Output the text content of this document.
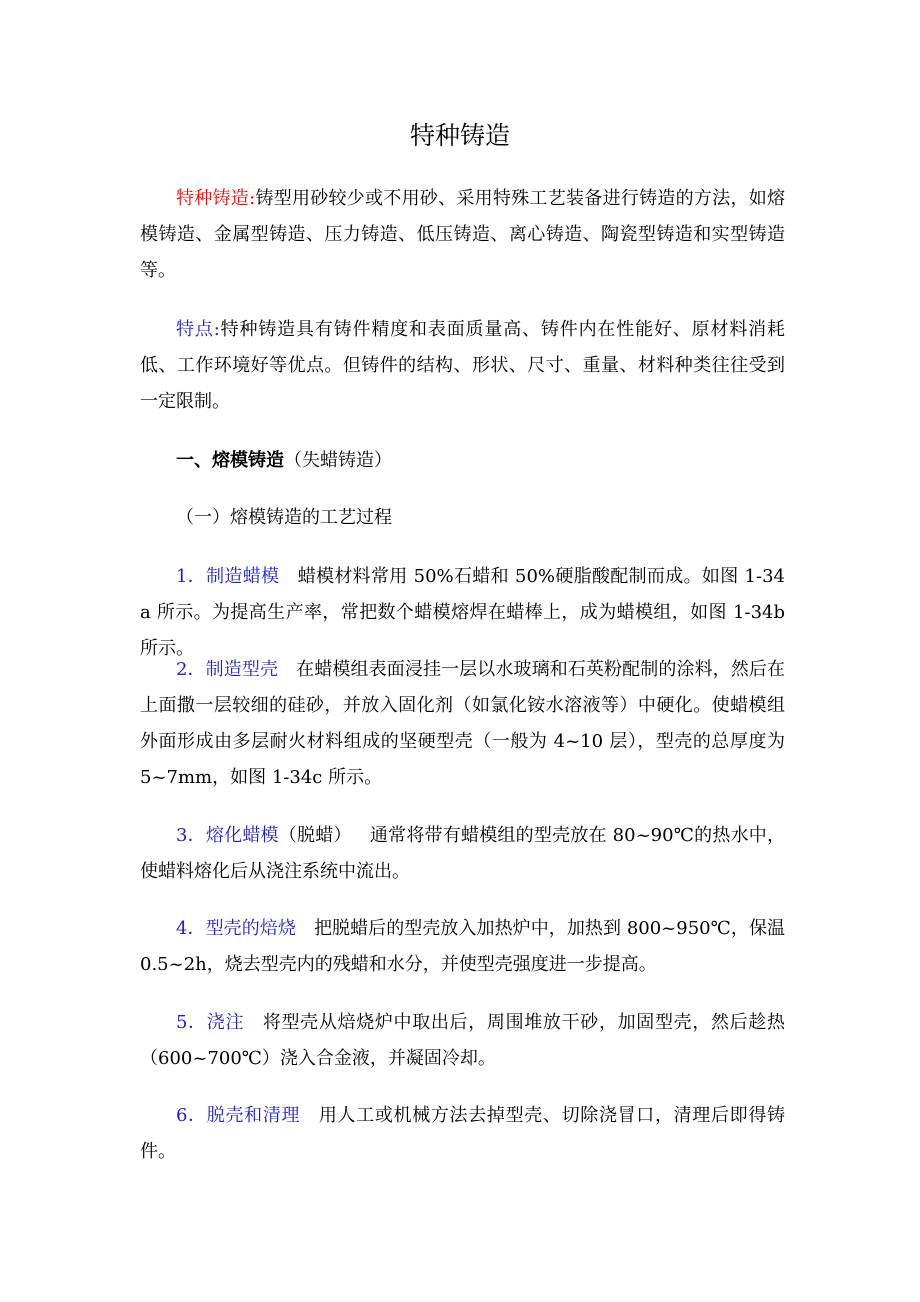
特种铸造

特种铸造:铸型用砂较少或不用砂、采用特殊工艺装备进行铸造的方法，如熔模铸造、金属型铸造、压力铸造、低压铸造、离心铸造、陶瓷型铸造和实型铸造等。

特点:特种铸造具有铸件精度和表面质量高、铸件内在性能好、原材料消耗低、工作环境好等优点。但铸件的结构、形状、尺寸、重量、材料种类往往受到一定限制。

一、熔模铸造（失蜡铸造）

（一）熔模铸造的工艺过程

1．制造蜡模 蜡模材料常用 50%石蜡和 50%硬脂酸配制而成。如图 1-34a 所示。为提高生产率，常把数个蜡模熔焊在蜡棒上，成为蜡模组，如图 1-34b 所示。

2．制造型壳 在蜡模组表面浸挂一层以水玻璃和石英粉配制的涂料，然后在上面撒一层较细的硅砂，并放入固化剂（如氯化铵水溶液等）中硬化。使蜡模组外面形成由多层耐火材料组成的坚硬型壳（一般为 4~10 层），型壳的总厚度为 5~7mm，如图 1-34c 所示。

3．熔化蜡模（脱蜡） 通常将带有蜡模组的型壳放在 80~90℃的热水中，使蜡料熔化后从浇注系统中流出。

4．型壳的焙烧 把脱蜡后的型壳放入加热炉中，加热到 800~950℃，保温 0.5~2h，烧去型壳内的残蜡和水分，并使型壳强度进一步提高。

5．浇注 将型壳从焙烧炉中取出后，周围堆放干砂，加固型壳，然后趁热（600~700℃）浇入合金液，并凝固冷却。

6．脱壳和清理 用人工或机械方法去掉型壳、切除浇冒口，清理后即得铸件。
